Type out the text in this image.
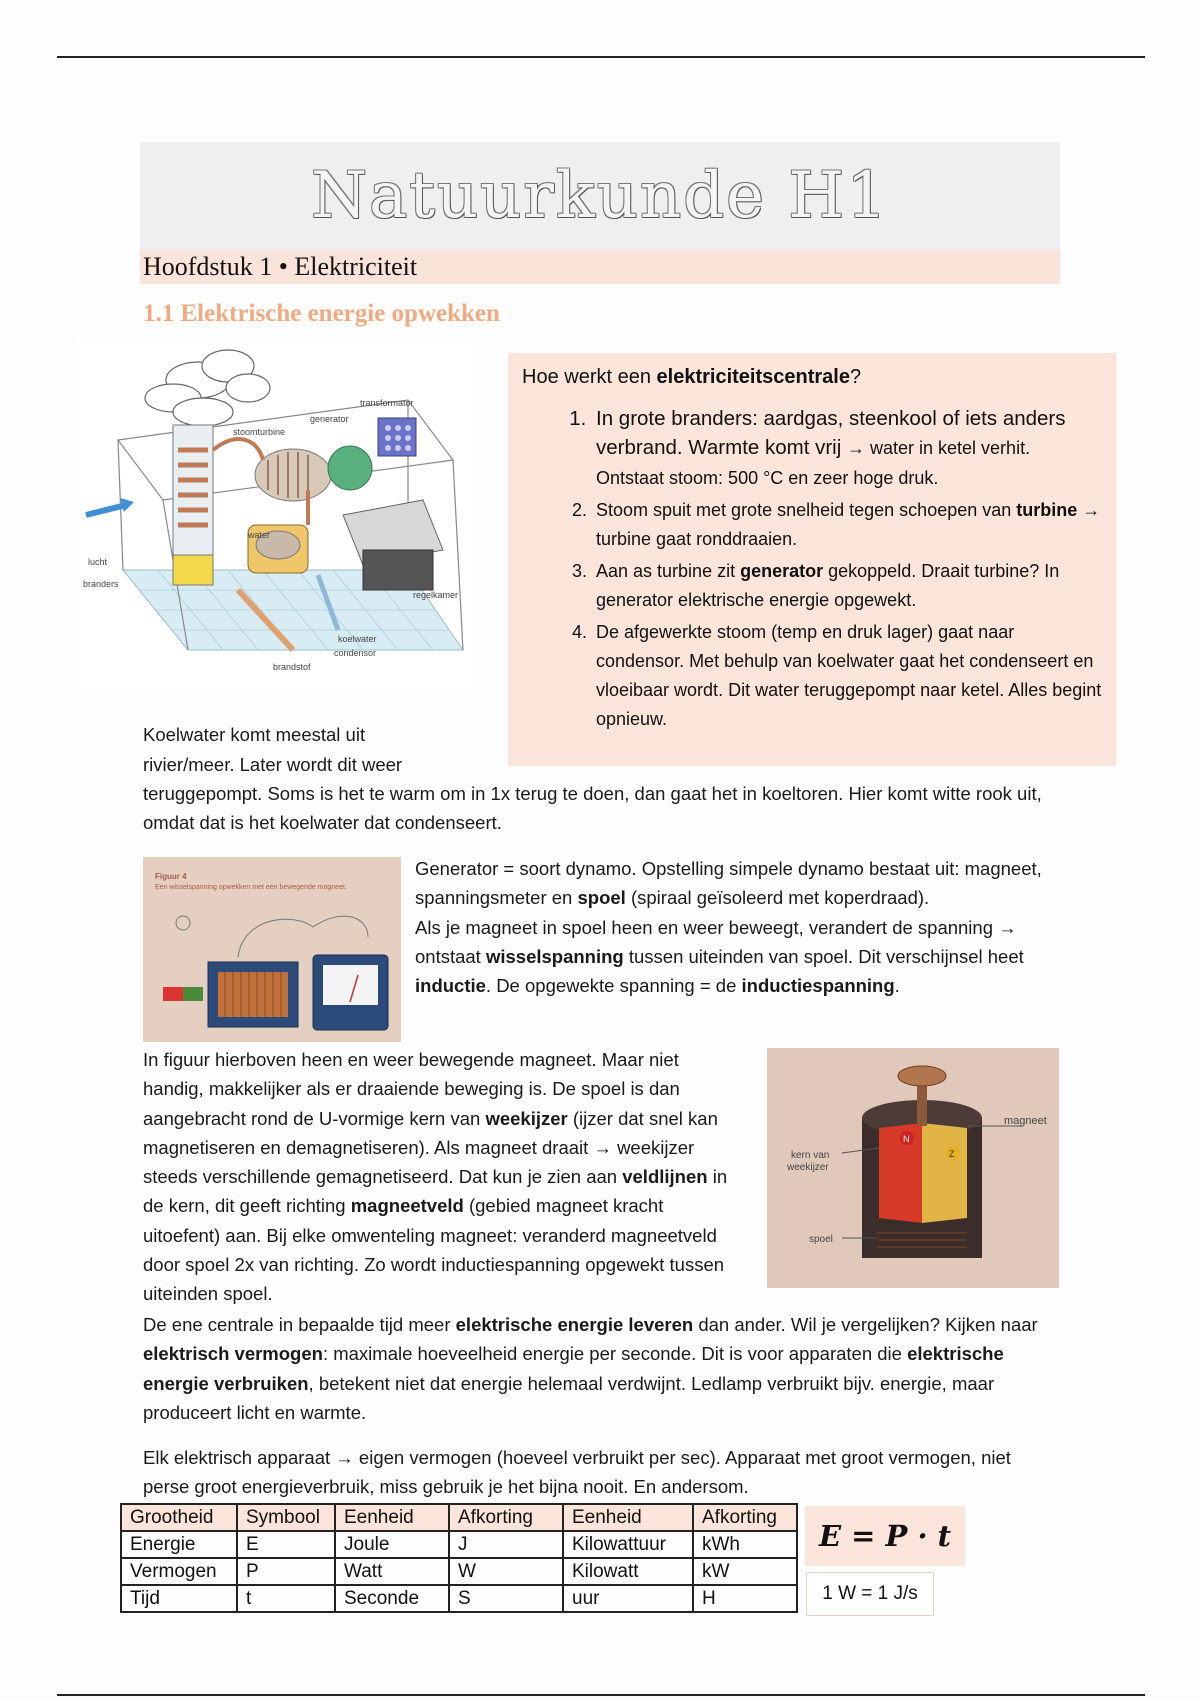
Natuurkunde H1
Hoofdstuk 1 • Elektriciteit
1.1 Elektrische energie opwekken
transformator
generator
stoomturbine
water
lucht
branders
regelkamer
koelwater
condensor
brandstof

Hoe werkt een elektriciteitscentrale?

1. In grote branders: aardgas, steenkool of iets anders verbrand. Warmte komt vrij → water in ketel verhit.
Ontstaat stoom: 500 °C en zeer hoge druk.
2. Stoom spuit met grote snelheid tegen schoepen van turbine → turbine gaat ronddraaien.
3. Aan as turbine zit generator gekoppeld. Draait turbine? In generator elektrische energie opgewekt.
4. De afgewerkte stoom (temp en druk lager) gaat naar condensor. Met behulp van koelwater gaat het condenseert en vloeibaar wordt. Dit water teruggepompt naar ketel. Alles begint opnieuw.
Koelwater komt meestal uit
rivier/meer. Later wordt dit weer
teruggepompt. Soms is het te warm om in 1x terug te doen, dan gaat het in koeltoren. Hier komt witte rook uit, omdat dat is het koelwater dat condenseert.
Figuur 4
Een wisselspanning opwekken met een bewegende magneet.
Generator = soort dynamo. Opstelling simpele dynamo bestaat uit: magneet, spanningsmeter en spoel (spiraal geïsoleerd met koperdraad).
Als je magneet in spoel heen en weer beweegt, verandert de spanning → ontstaat wisselspanning tussen uiteinden van spoel. Dit verschijnsel heet inductie. De opgewekte spanning = de inductiespanning.
In figuur hierboven heen en weer bewegende magneet. Maar niet handig, makkelijker als er draaiende beweging is. De spoel is dan aangebracht rond de U-vormige kern van weekijzer (ijzer dat snel kan magnetiseren en demagnetiseren). Als magneet draait → weekijzer steeds verschillende gemagnetiseerd. Dat kun je zien aan veldlijnen in de kern, dit geeft richting magneetveld (gebied magneet kracht uitoefent) aan. Bij elke omwenteling magneet: veranderd magneetveld door spoel 2x van richting. Zo wordt inductiespanning opgewekt tussen uiteinden spoel.
N
Z
magneet
kern van
weekijzer
spoel
De ene centrale in bepaalde tijd meer elektrische energie leveren dan ander. Wil je vergelijken? Kijken naar elektrisch vermogen: maximale hoeveelheid energie per seconde. Dit is voor apparaten die elektrische energie verbruiken, betekent niet dat energie helemaal verdwijnt. Ledlamp verbruikt bijv. energie, maar produceert licht en warmte.
Elk elektrisch apparaat → eigen vermogen (hoeveel verbruikt per sec). Apparaat met groot vermogen, niet perse groot energieverbruik, miss gebruik je het bijna nooit. En andersom.
Grootheid	Symbool	Eenheid	Afkorting	Eenheid	Afkorting
Energie	E	Joule	J	Kilowattuur	kWh
Vermogen	P	Watt	W	Kilowatt	kW
Tijd	t	Seconde	S	uur	H
E = P · t
1 W = 1 J/s
